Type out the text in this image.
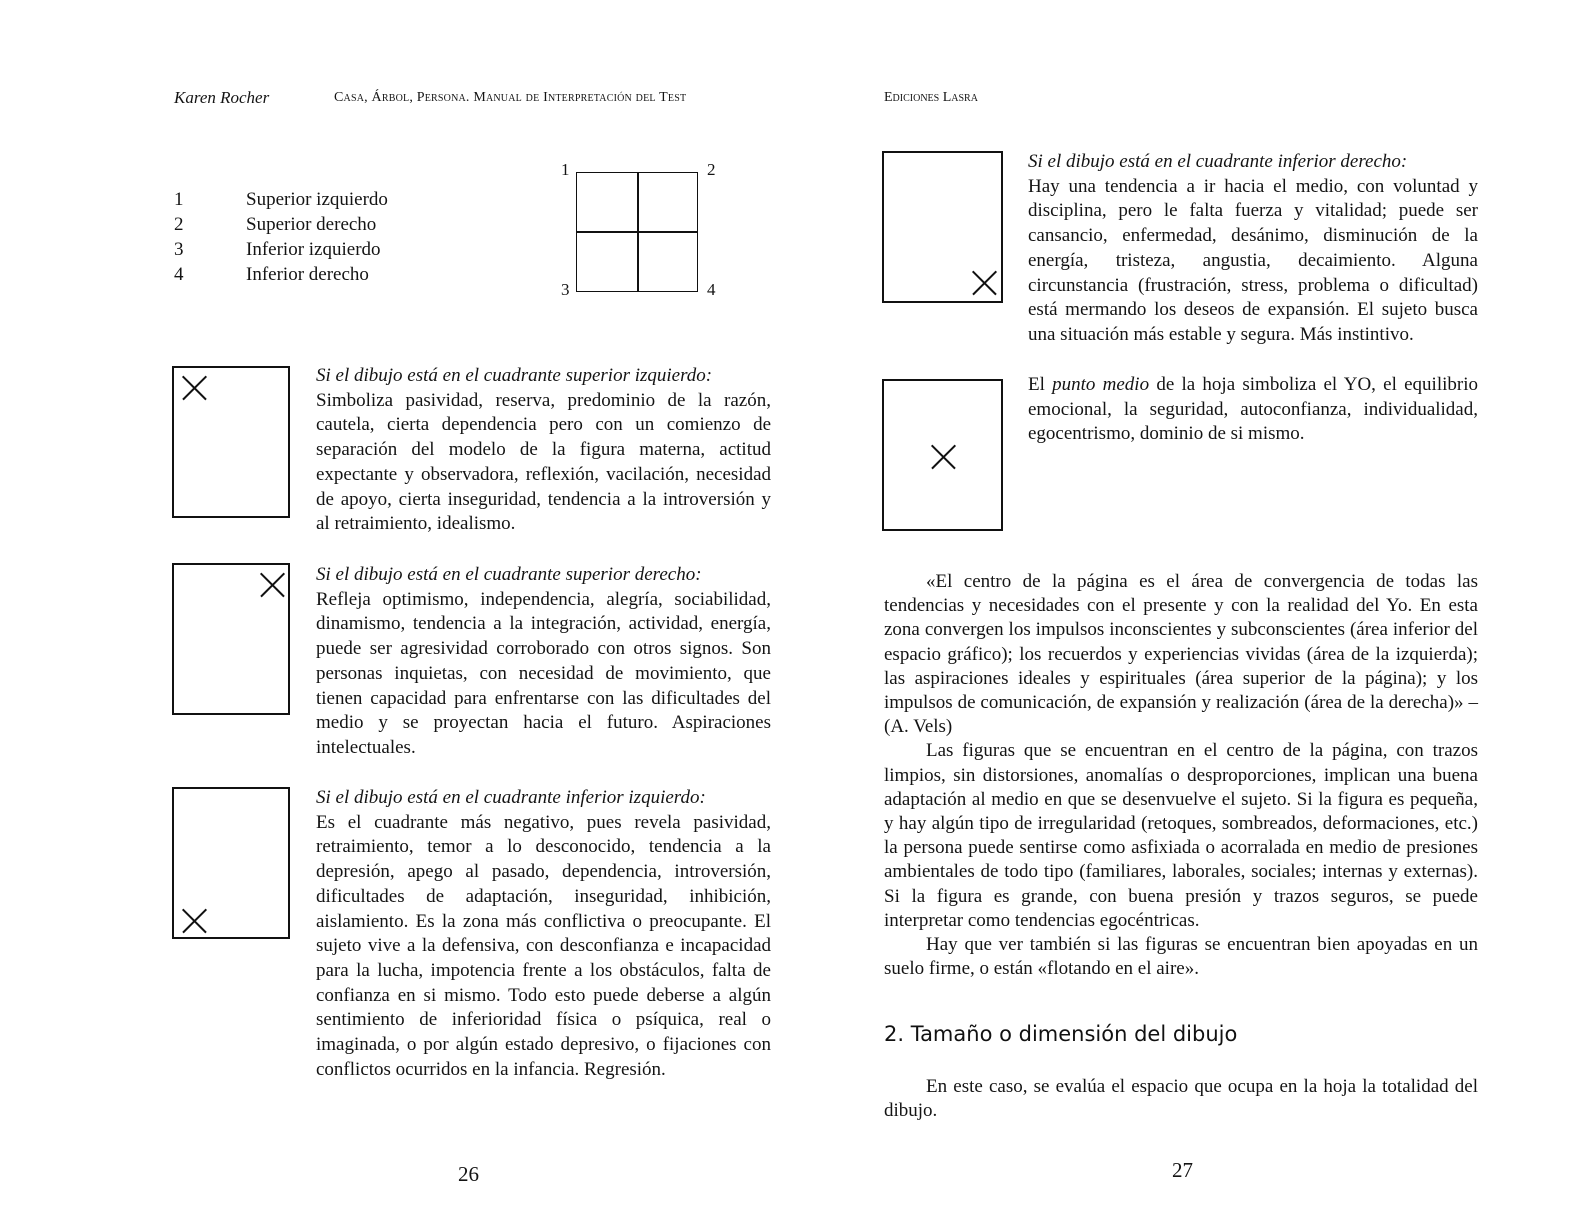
Karen Rocher	Casa, Árbol, Persona. Manual de Interpretación del Test
1	Superior izquierdo
2	Superior derecho
3	Inferior izquierdo
4	Inferior derecho
1	2
3	4
Si el dibujo está en el cuadrante superior izquierdo:
Simboliza pasividad, reserva, predominio de la razón, cautela, cierta dependencia pero con un comienzo de separación del modelo de la figura materna, actitud expectante y observadora, reflexión, vacilación, necesidad de apoyo, cierta inseguridad, tendencia a la introversión y al retraimiento, idealismo.
Si el dibujo está en el cuadrante superior derecho:
Refleja optimismo, independencia, alegría, sociabilidad, dinamismo, tendencia a la integración, actividad, energía, puede ser agresividad corroborado con otros signos. Son personas inquietas, con necesidad de movimiento, que tienen capacidad para enfrentarse con las dificultades del medio y se proyectan hacia el futuro. Aspiraciones intelectuales.
Si el dibujo está en el cuadrante inferior izquierdo:
Es el cuadrante más negativo, pues revela pasividad, retraimiento, temor a lo desconocido, tendencia a la depresión, apego al pasado, dependencia, introversión, dificultades de adaptación, inseguridad, inhibición, aislamiento. Es la zona más conflictiva o preocupante. El sujeto vive a la defensiva, con desconfianza e incapacidad para la lucha, impotencia frente a los obstáculos, falta de confianza en si mismo. Todo esto puede deberse a algún sentimiento de inferioridad física o psíquica, real o imaginada, o por algún estado depresivo, o fijaciones con conflictos ocurridos en la infancia. Regresión.
26
Ediciones Lasra
Si el dibujo está en el cuadrante inferior derecho:
Hay una tendencia a ir hacia el medio, con voluntad y disciplina, pero le falta fuerza y vitalidad; puede ser cansancio, enfermedad, desánimo, disminución de la energía, tristeza, angustia, decaimiento. Alguna circunstancia (frustración, stress, problema o dificultad) está mermando los deseos de expansión. El sujeto busca una situación más estable y segura. Más instintivo.
El punto medio de la hoja simboliza el YO, el equilibrio emocional, la seguridad, autoconfianza, individualidad, egocentrismo, dominio de si mismo.

«El centro de la página es el área de convergencia de todas las tendencias y necesidades con el presente y con la realidad del Yo. En esta zona convergen los impulsos inconscientes y subconscientes (área inferior del espacio gráfico); los recuerdos y experiencias vividas (área de la izquierda); las aspiraciones ideales y espirituales (área superior de la página); y los impulsos de comunicación, de expansión y realización (área de la derecha)» – (A. Vels)

Las figuras que se encuentran en el centro de la página, con trazos limpios, sin distorsiones, anomalías o desproporciones, implican una buena adaptación al medio en que se desenvuelve el sujeto. Si la figura es pequeña, y hay algún tipo de irregularidad (retoques, sombreados, deformaciones, etc.) la persona puede sentirse como asfixiada o acorralada en medio de presiones ambientales de todo tipo (familiares, laborales, sociales; internas y externas). Si la figura es grande, con buena presión y trazos seguros, se puede interpretar como tendencias egocéntricas.

Hay que ver también si las figuras se encuentran bien apoyadas en un suelo firme, o están «flotando en el aire».

2. Tamaño o dimensión del dibujo

En este caso, se evalúa el espacio que ocupa en la hoja la totalidad del dibujo.

27
